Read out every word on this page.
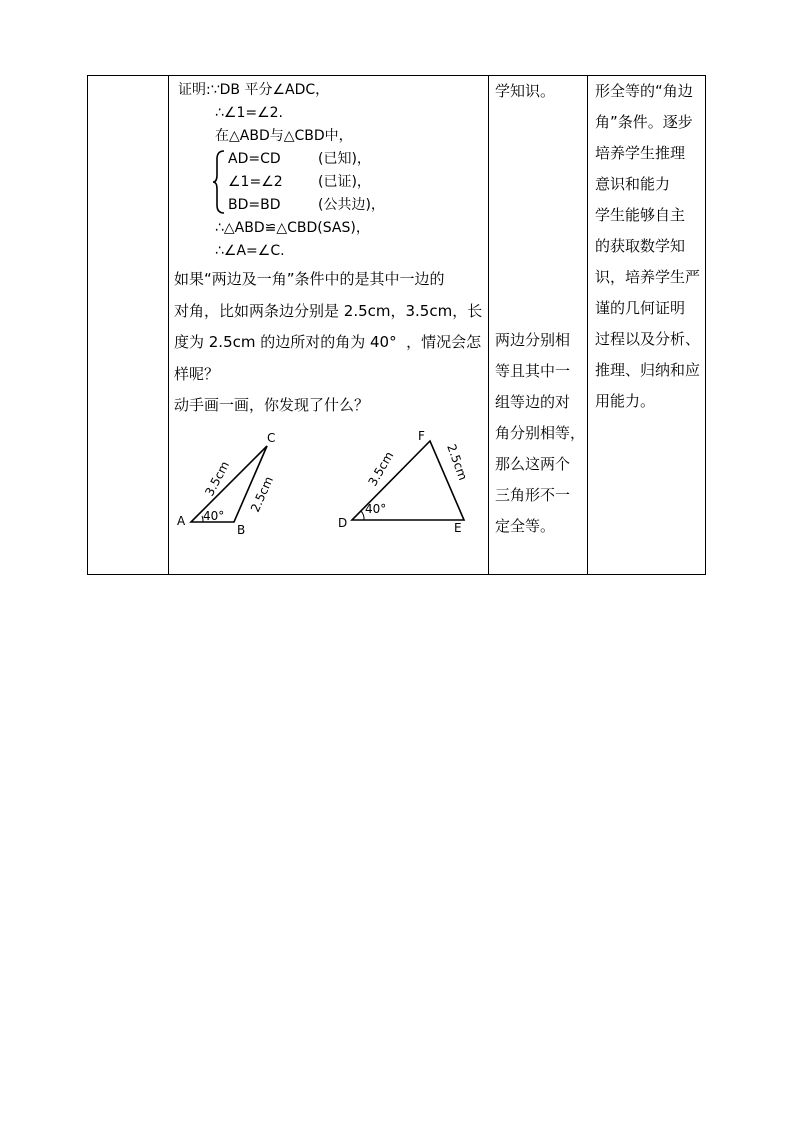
证明:∵DB 平分∠ADC，
∴∠1=∠2.
在△ABD与△CBD中，
AD=CD	(已知)，
∠1=∠2	(已证)，
BD=BD	(公共边)，
∴△ABD≌△CBD(SAS)，
∴∠A=∠C.
如果“两边及一角”条件中的是其中一边的
对角，比如两条边分别是 2.5cm，3.5cm，长
度为 2.5cm 的边所对的角为 40°  ，情况会怎
样呢？
动手画一画，你发现了什么？
A
B
C
3.5cm 2.5cm
40°	D	E
F
3.5cm	2.5cm
40°
学知识。
两边分别相
等且其中一
组等边的对
角分别相等，
那么这两个
三角形不一
定全等。
形全等的“角边
角”条件。逐步
培养学生推理
意识和能力
学生能够自主
的获取数学知
识，培养学生严
谨的几何证明
过程以及分析、
推理、归纳和应
用能力。
